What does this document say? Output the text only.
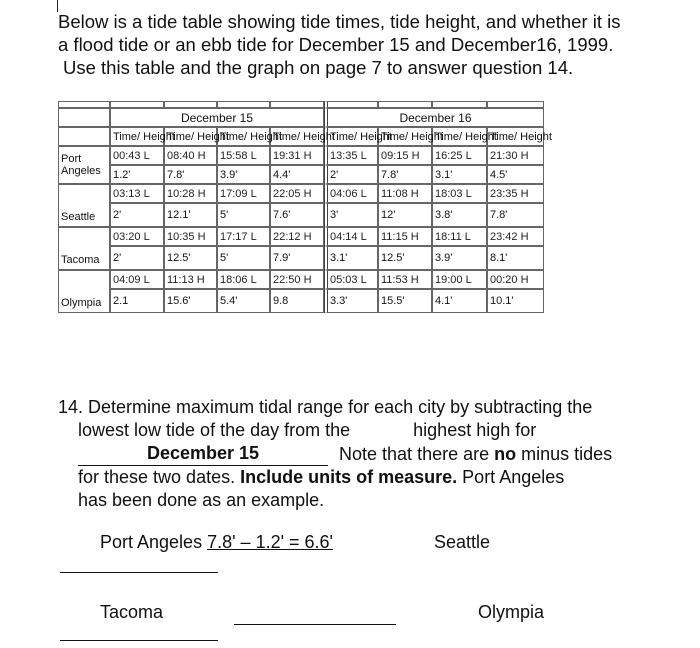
Below is a tide table showing tide times, tide height, and whether it is
a flood tide or an ebb tide for December 15 and December16, 1999.
Use this table and the graph on page 7 to answer question 14.

	December 15				December 16			
	Time/ Height	Time/ Height	Time/ Height	Time/ Height	Time/ Height	Time/ Height	Time/ Height	Time/ Height
Port Angeles	00:43 L	08:40 H	15:58 L	19:31 H	13:35 L	09:15 H	16:25 L	21:30 H
	1.2'	7.8'	3.9'	4.4'	2'	7.8'	3.1'	4.5'
Seattle	03:13 L	10:28 H	17:09 L	22:05 H	04:06 L	11:08 H	18:03 L	23:35 H
	2'	12.1'	5'	7.6'	3'	12'	3.8'	7.8'
Tacoma	03:20 L	10:35 H	17:17 L	22:12 H	04:14 L	11:15 H	18:11 L	23:42 H
	2'	12.5'	5'	7.9'	3.1'	12.5'	3.9'	8.1'
Olympia	04:09 L	11:13 H	18:06 L	22:50 H	05:03 L	11:53 H	19:00 L	00:20 H
	2.1	15.6'	5.4'	9.8	3.3'	15.5'	4.1'	10.1'
14. Determine maximum tidal range for each city by subtracting the
lowest low tide of the day from the	highest high for
December 15	Note that there are no minus tides
for these two dates. Include units of measure. Port Angeles
has been done as an example.
Port Angeles 7.8' – 1.2' = 6.6'	Seattle
Tacoma	Olympia
